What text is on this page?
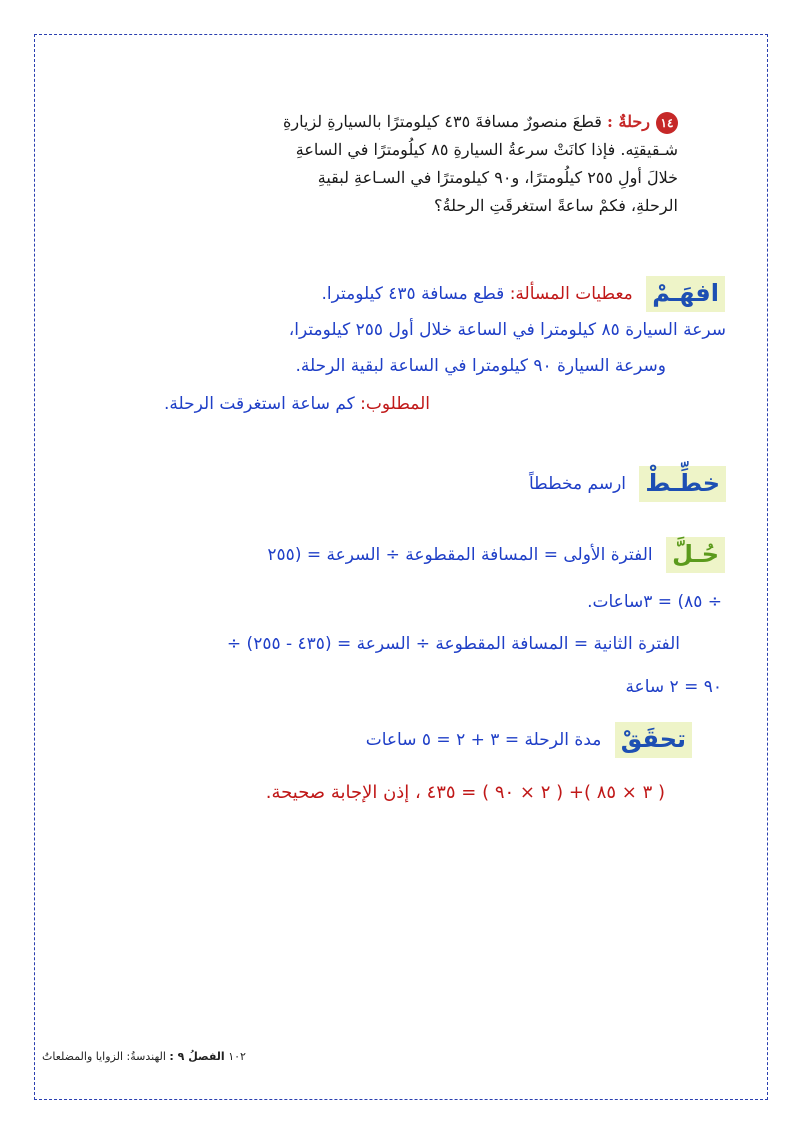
١٤رحلةٌ : قطعَ منصورٌ مسافةَ ٤٣٥ كيلومترًا بالسيارةِ لزيارةِ
شـقيقتِه. فإذا كانَتْ سرعةُ السيارةِ ٨٥ كيلُومترًا في الساعةِ
خلالَ أولِ ٢٥٥ كيلُومترًا، و٩٠ كيلومترًا في السـاعةِ لبقيةِ
الرحلةِ، فكمْ ساعةً استغرقَتِ الرحلةُ؟
افهَـمْ معطيات المسألة: قطع مسافة ٤٣٥ كيلومترا.
سرعة السيارة ٨٥ كيلومترا في الساعة خلال أول ٢٥٥ كيلومترا،
وسرعة السيارة ٩٠ كيلومترا في الساعة لبقية الرحلة.
المطلوب: كم ساعة استغرقت الرحلة.
خطِّـطْ ارسم مخططاً
حُـلَّ الفترة الأولى = المسافة المقطوعة ÷ السرعة = (٢٥٥
÷ ٨٥) = ٣ساعات.
الفترة الثانية = المسافة المقطوعة ÷ السرعة = (٤٣٥ - ٢٥٥) ÷
٩٠ = ٢ ساعة
تحقَقْ مدة الرحلة = ٣ + ٢ = ٥ ساعات
( ٣ × ٨٥ )+ ( ٢ × ٩٠ ) = ٤٣٥ ، إذن الإجابة صحيحة.
١٠٢ الفصلُ ٩ : الهندسةُ: الزوايا والمضلعاتُ
